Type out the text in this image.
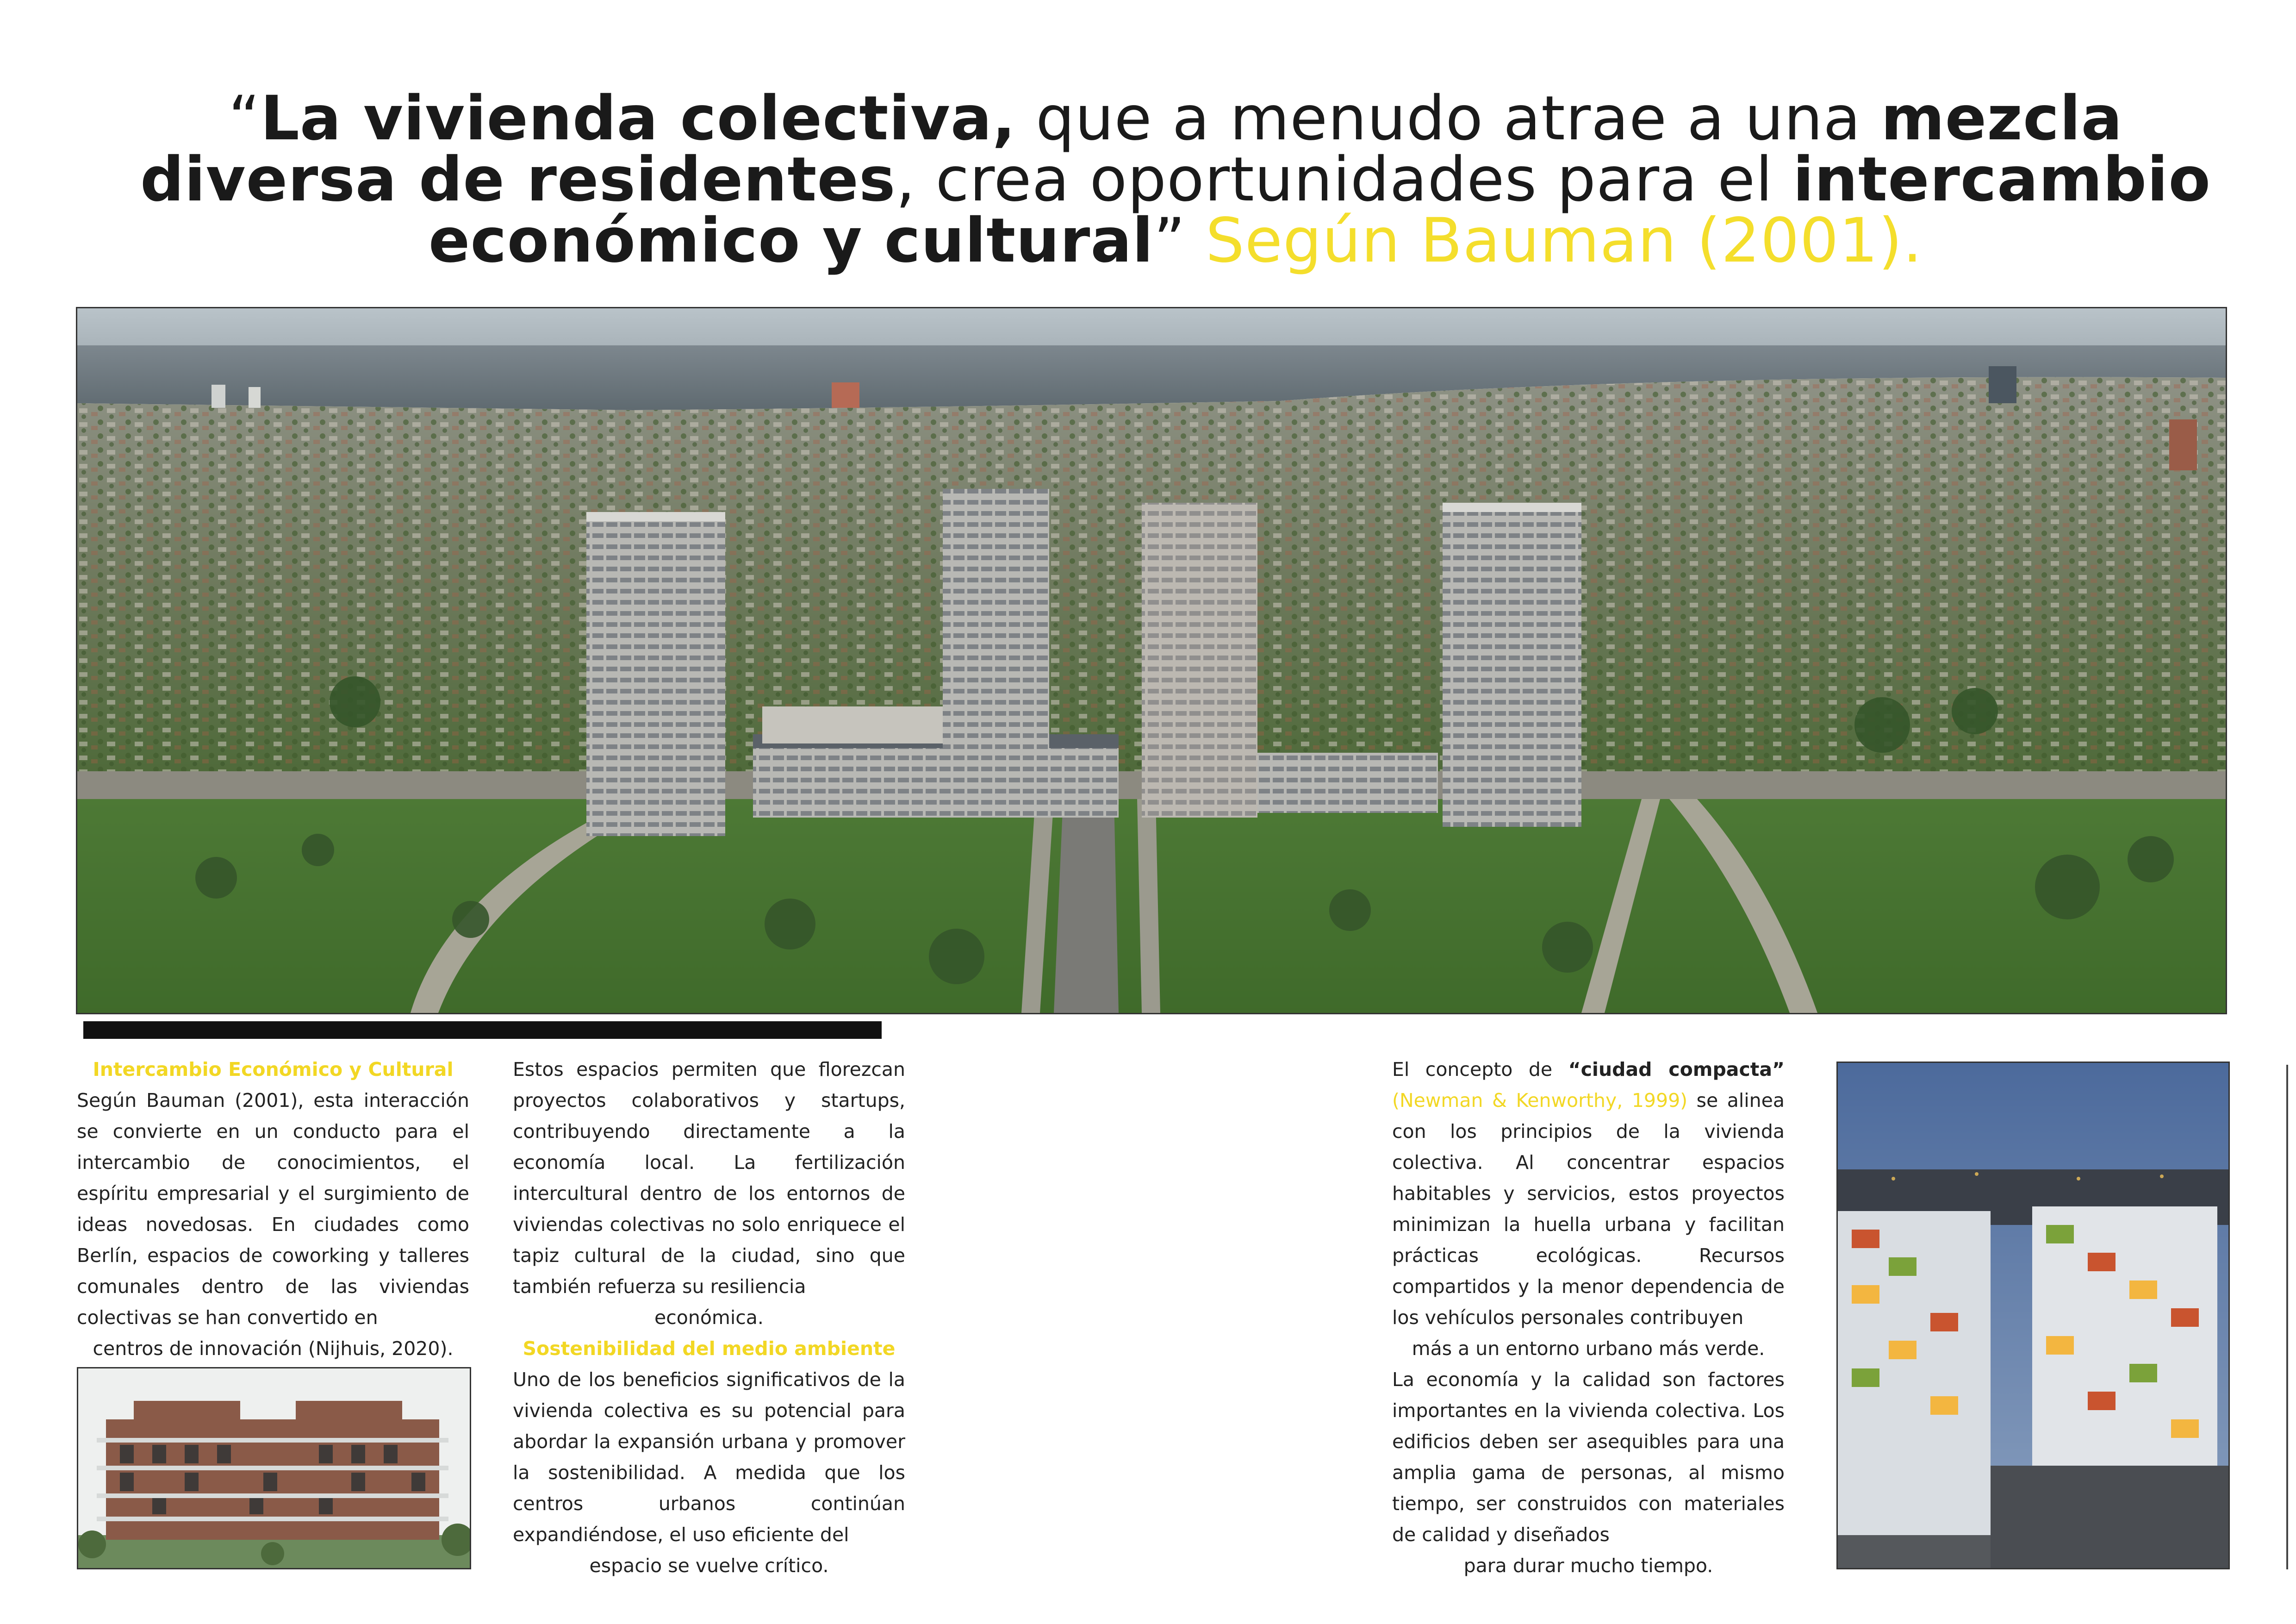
“La vivienda colectiva, que a menudo atrae a una mezcla diversa de residentes, crea oportunidades para el intercambio económico y cultural” Según Bauman (2001).
Intercambio Económico y Cultural
Según Bauman (2001), esta interacción se convierte en un conducto para el intercambio de conocimientos, el espíritu empresarial y el surgimiento de ideas novedosas. En ciudades como Berlín, espacios de coworking y talleres comunales dentro de las viviendas colectivas se han convertido en
centros de innovación (Nijhuis, 2020).
Estos espacios permiten que florezcan proyectos colaborativos y startups, contribuyendo directamente a la economía local. La fertilización intercultural dentro de los entornos de viviendas colectivas no solo enriquece el tapiz cultural de la ciudad, sino que también refuerza su resiliencia
económica.
Sostenibilidad del medio ambiente
Uno de los beneficios significativos de la vivienda colectiva es su potencial para abordar la expansión urbana y promover la sostenibilidad. A medida que los centros urbanos continúan expandiéndose, el uso eficiente del
espacio se vuelve crítico.
El concepto de “ciudad compacta” (Newman & Kenworthy, 1999) se alinea con los principios de la vivienda colectiva. Al concentrar espacios habitables y servicios, estos proyectos minimizan la huella urbana y facilitan prácticas ecológicas. Recursos compartidos y la menor dependencia de los vehículos personales contribuyen
más a un entorno urbano más verde.
La economía y la calidad son factores importantes en la vivienda colectiva. Los edificios deben ser asequibles para una amplia gama de personas, al mismo tiempo, ser construidos con materiales de calidad y diseñados
para durar mucho tiempo.
